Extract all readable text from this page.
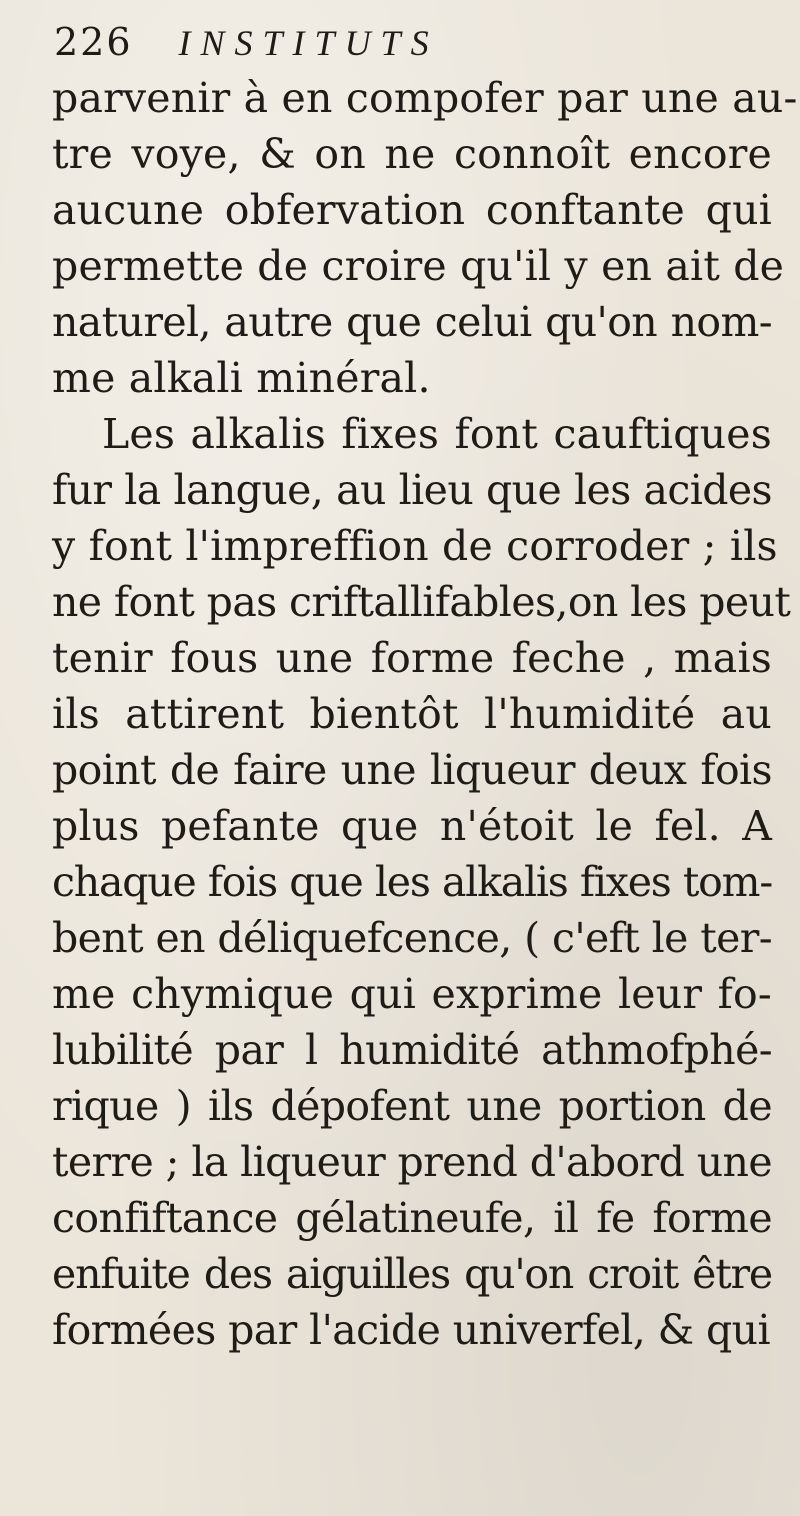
226 INSTITUTS
parvenir à en compofer par une au-
tre voye, & on ne connoît encore
aucune obfervation conftante qui
permette de croire qu'il y en ait de
naturel, autre que celui qu'on nom-
me alkali minéral.
Les alkalis fixes font cauftiques
fur la langue, au lieu que les acides
y font l'impreffion de corroder ; ils
ne font pas criftallifables,on les peut
tenir fous une forme feche , mais
ils attirent bientôt l'humidité au
point de faire une liqueur deux fois
plus pefante que n'étoit le fel. A
chaque fois que les alkalis fixes tom-
bent en déliquefcence, ( c'eft le ter-
me chymique qui exprime leur fo-
lubilité par l humidité athmofphé-
rique ) ils dépofent une portion de
terre ; la liqueur prend d'abord une
confiftance gélatineufe, il fe forme
enfuite des aiguilles qu'on croit être
formées par l'acide univerfel, & qui
